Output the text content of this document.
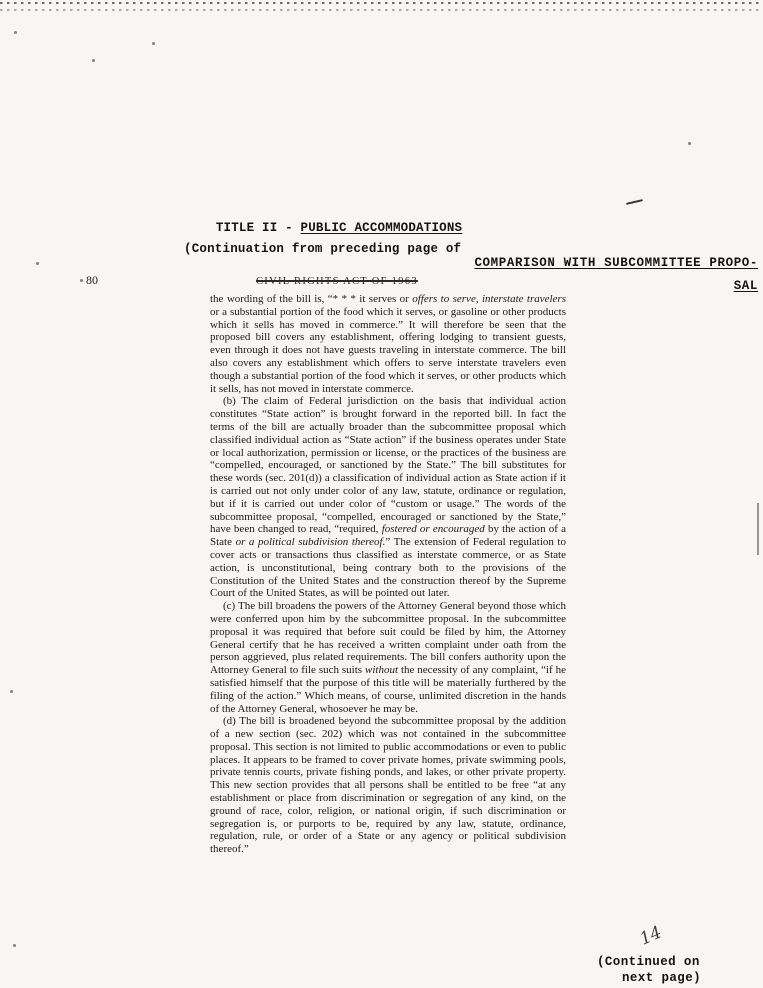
TITLE II - PUBLIC ACCOMMODATIONS

(Continuation from preceding page of
COMPARISON WITH SUBCOMMITTEE PROPO-
80	CIVIL RIGHTS ACT OF 1963	SAL

the wording of the bill is, “* * * it serves or offers to serve, interstate travelers or a substantial portion of the food which it serves, or gasoline or other products which it sells has moved in commerce.” It will therefore be seen that the proposed bill covers any establishment, offering lodging to transient guests, even through it does not have guests traveling in interstate commerce. The bill also covers any establishment which offers to serve interstate travelers even though a substantial portion of the food which it serves, or other products which it sells, has not moved in interstate commerce.

(b) The claim of Federal jurisdiction on the basis that individual action constitutes “State action” is brought forward in the reported bill. In fact the terms of the bill are actually broader than the subcommittee proposal which classified individual action as “State action” if the business operates under State or local authorization, permission or license, or the practices of the business are “compelled, encouraged, or sanctioned by the State.” The bill substitutes for these words (sec. 201(d)) a classification of individual action as State action if it is carried out not only under color of any law, statute, ordinance or regulation, but if it is carried out under color of “custom or usage.” The words of the subcommittee proposal, “compelled, encouraged or sanctioned by the State,” have been changed to read, “required, fostered or encouraged by the action of a State or a political subdivision thereof.” The extension of Federal regulation to cover acts or transactions thus classified as interstate commerce, or as State action, is unconstitutional, being contrary both to the provisions of the Constitution of the United States and the construction thereof by the Supreme Court of the United States, as will be pointed out later.

(c) The bill broadens the powers of the Attorney General beyond those which were conferred upon him by the subcommittee proposal. In the subcommittee proposal it was required that before suit could be filed by him, the Attorney General certify that he has received a written complaint under oath from the person aggrieved, plus related requirements. The bill confers authority upon the Attorney General to file such suits without the necessity of any complaint, “if he satisfied himself that the purpose of this title will be materially furthered by the filing of the action.” Which means, of course, unlimited discretion in the hands of the Attorney General, whosoever he may be.

(d) The bill is broadened beyond the subcommittee proposal by the addition of a new section (sec. 202) which was not contained in the subcommittee proposal. This section is not limited to public accommodations or even to public places. It appears to be framed to cover private homes, private swimming pools, private tennis courts, private fishing ponds, and lakes, or other private property. This new section provides that all persons shall be entitled to be free “at any establishment or place from discrimination or segregation of any kind, on the ground of race, color, religion, or national origin, if such discrimination or segregation is, or purports to be, required by any law, statute, ordinance, regulation, rule, or order of a State or any agency or political subdivision thereof.”

(Continued on
next page)
14
